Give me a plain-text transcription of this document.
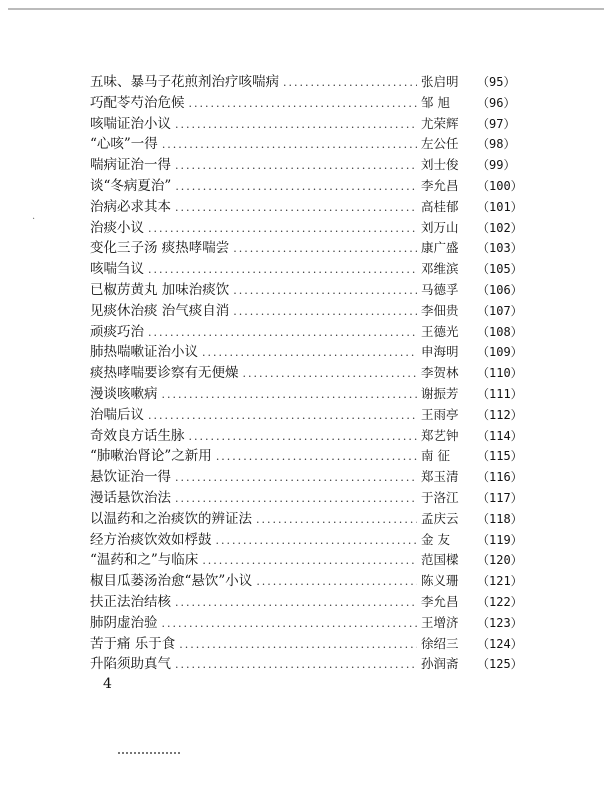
·
五味、暴马子花煎剂治疗咳喘病 .....	张启明	（95）
巧配苓芍治危候 .....	邹 旭	（96）
咳喘证治小议 .....	尤荣辉	（97）
“心咳”一得 .....	左公任	（98）
喘病证治一得 .....	刘士俊	（99）
谈“冬病夏治” .....	李允昌	（100）
治病必求其本 .....	高桂郁	（101）
治痰小议 .....	刘万山	（102）
变化三子汤 痰热哮喘尝 .....	康广盛	（103）
咳喘刍议 .....	邓维滨	（105）
已椒苈黄丸 加味治痰饮 .....	马德孚	（106）
见痰休治痰 治气痰自消 .....	李佃贵	（107）
顽痰巧治 .....	王德光	（108）
肺热喘嗽证治小议 .....	申海明	（109）
痰热哮喘要诊察有无便燥 .....	李贺林	（110）
漫谈咳嗽病 .....	谢振芳	（111）
治喘后议 .....	王雨亭	（112）
奇效良方话生脉 .....	郑艺钟	（114）
“肺嗽治肾论”之新用 .....	南 征	（115）
悬饮证治一得 .....	郑玉清	（116）
漫话悬饮治法 .....	于洛江	（117）
以温药和之治痰饮的辨证法 .....	孟庆云	（118）
经方治痰饮效如桴鼓 .....	金 友	（119）
“温药和之”与临床 .....	范国樑	（120）
椒目瓜蒌汤治愈“悬饮”小议 .....	陈义珊	（121）
扶正法治结核 .....	李允昌	（122）
肺阴虚治验 .....	王增济	（123）
苦于痛 乐于食 .....	徐绍三	（124）
升陷须助真气 .....	孙润斋	（125）
4
